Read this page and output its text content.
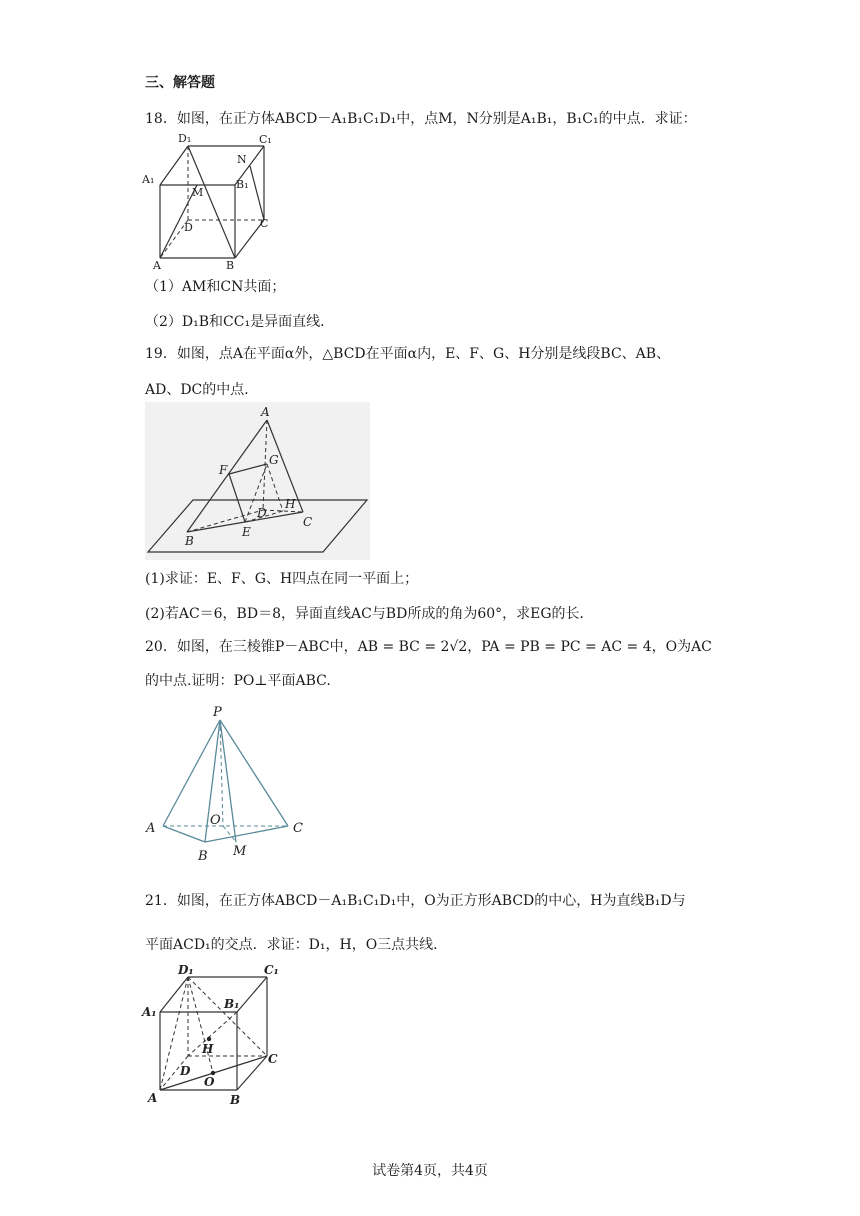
三、解答题
18．如图，在正方体ABCD－A₁B₁C₁D₁中，点M，N分别是A₁B₁，B₁C₁的中点．求证：
D₁	C₁
A₁	B₁
N
M
D	C
A	B
（1）AM和CN共面；
（2）D₁B和CC₁是异面直线．
19．如图，点A在平面α外，△BCD在平面α内，E、F、G、H分别是线段BC、AB、
AD、DC的中点．
A
F
G
D
H
C
B
E
(1)求证：E、F、G、H四点在同一平面上；
(2)若AC＝6，BD＝8，异面直线AC与BD所成的角为60°，求EG的长．
20．如图，在三棱锥P－ABC中，AB = BC = 2√2，PA = PB = PC = AC = 4，O为AC
的中点.证明：PO⊥平面ABC.
P
A
O
C
B M
21．如图，在正方体ABCD－A₁B₁C₁D₁中，O为正方形ABCD的中心，H为直线B₁D与
平面ACD₁的交点．求证：D₁，H，O三点共线．
D₁	C₁
A₁
B₁
H
C
D
O
A	B
试卷第4页，共4页
